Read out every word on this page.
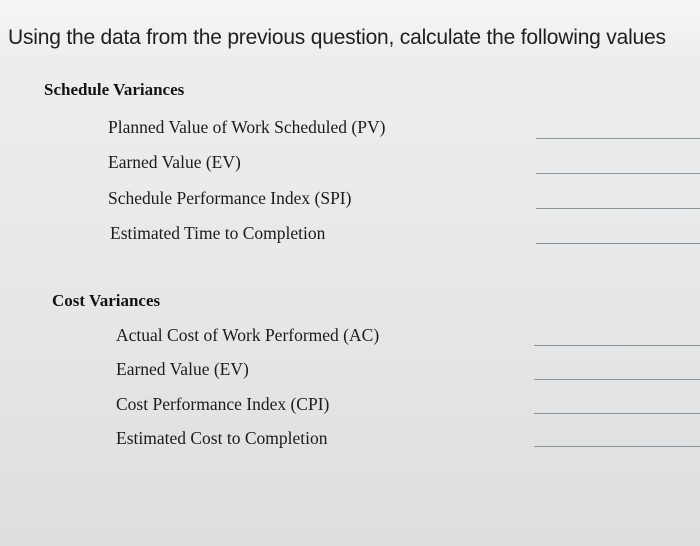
Using the data from the previous question, calculate the following values
Schedule Variances
Planned Value of Work Scheduled (PV)
Earned Value (EV)
Schedule Performance Index (SPI)
Estimated Time to Completion
Cost Variances
Actual Cost of Work Performed (AC)
Earned Value (EV)
Cost Performance Index (CPI)
Estimated Cost to Completion
